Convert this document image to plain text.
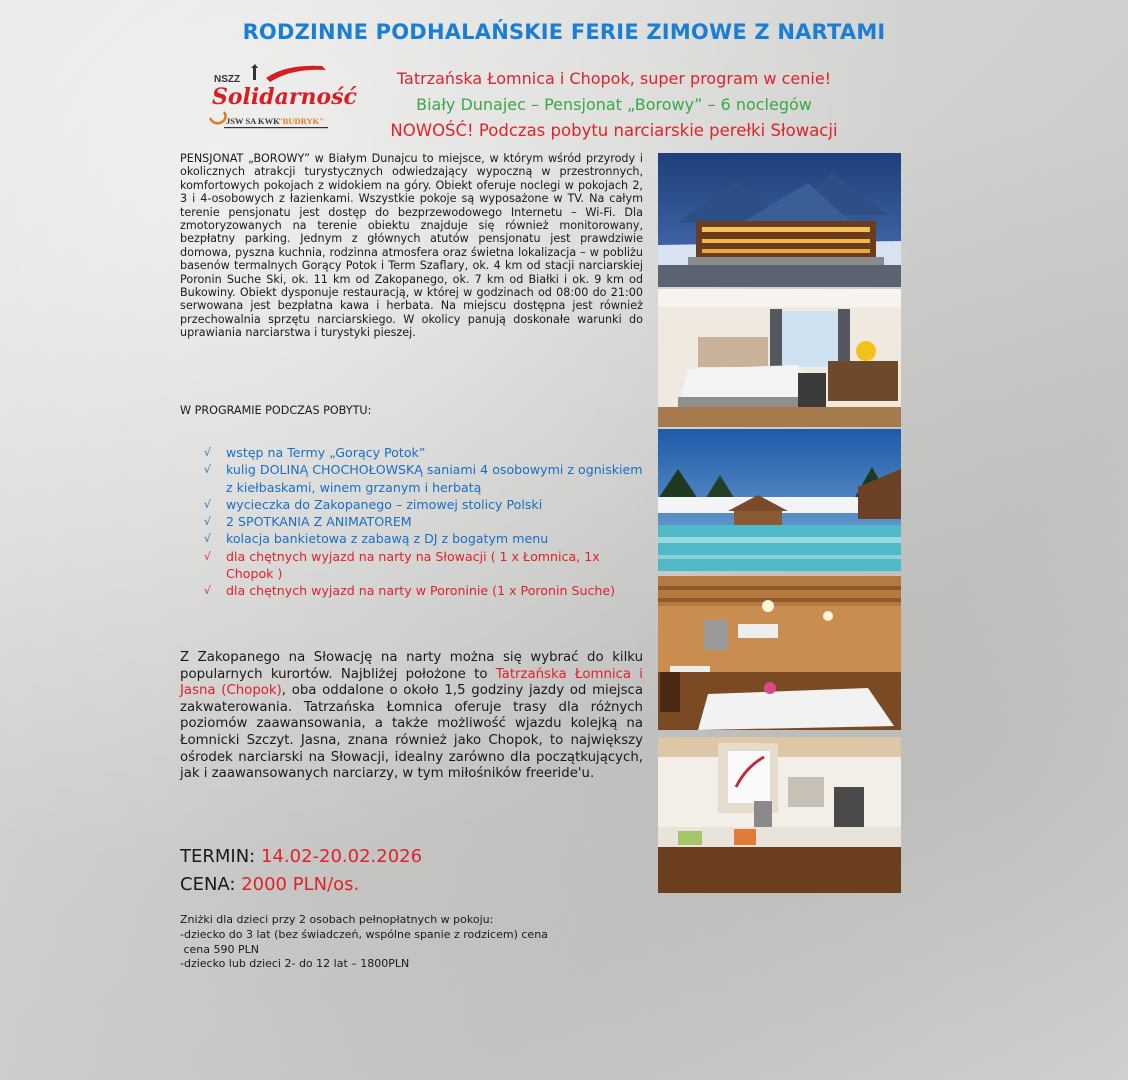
RODZINNE PODHALAŃSKIE FERIE ZIMOWE Z NARTAMI
NSZZ
Solidarność
JSW SA KWK
"BUDRYK"
Tatrzańska Łomnica i Chopok, super program w cenie!
Biały Dunajec – Pensjonat „Borowy” – 6 noclegów
NOWOŚĆ! Podczas pobytu narciarskie perełki Słowacji
PENSJONAT „BOROWY” w Białym Dunajcu to miejsce, w którym wśród przyrody i okolicznych atrakcji turystycznych odwiedzający wypoczną w przestronnych, komfortowych pokojach z widokiem na góry. Obiekt oferuje noclegi w pokojach 2, 3 i 4-osobowych z łazienkami. Wszystkie pokoje są wyposażone w TV. Na całym terenie pensjonatu jest dostęp do bezprzewodowego Internetu – Wi-Fi. Dla zmotoryzowanych na terenie obiektu znajduje się również monitorowany, bezpłatny parking. Jednym z głównych atutów pensjonatu jest prawdziwie domowa, pyszna kuchnia, rodzinna atmosfera oraz świetna lokalizacja – w pobliżu basenów termalnych Gorący Potok i Term Szaflary, ok. 4 km od stacji narciarskiej Poronin Suche Ski, ok. 11 km od Zakopanego, ok. 7 km od Białki i ok. 9 km od Bukowiny. Obiekt dysponuje restauracją, w której w godzinach od 08:00 do 21:00 serwowana jest bezpłatna kawa i herbata. Na miejscu dostępna jest również przechowalnia sprzętu narciarskiego. W okolicy panują doskonałe warunki do uprawiania narciarstwa i turystyki pieszej.
W PROGRAMIE PODCZAS POBYTU:
√ wstęp na Termy „Gorący Potok”
√ kulig DOLINĄ CHOCHOŁOWSKĄ saniami 4 osobowymi z ogniskiem z kiełbaskami, winem grzanym i herbatą
√ wycieczka do Zakopanego – zimowej stolicy Polski
√ 2 SPOTKANIA Z ANIMATOREM
√ kolacja bankietowa z zabawą z DJ z bogatym menu
√ dla chętnych wyjazd na narty na Słowacji ( 1 x Łomnica, 1x Chopok )
√ dla chętnych wyjazd na narty w Poroninie (1 x Poronin Suche)
Z Zakopanego na Słowację na narty można się wybrać do kilku popularnych kurortów. Najbliżej położone to Tatrzańska Łomnica i Jasna (Chopok), oba oddalone o około 1,5 godziny jazdy od miejsca zakwaterowania. Tatrzańska Łomnica oferuje trasy dla różnych poziomów zaawansowania, a także możliwość wjazdu kolejką na Łomnicki Szczyt. Jasna, znana również jako Chopok, to największy ośrodek narciarski na Słowacji, idealny zarówno dla początkujących, jak i zaawansowanych narciarzy, w tym miłośników freeride'u.
TERMIN: 14.02-20.02.2026
CENA: 2000 PLN/os.
Zniżki dla dzieci przy 2 osobach pełnopłatnych w pokoju:
-dziecko do 3 lat (bez świadczeń, wspólne spanie z rodzicem) cena
cena 590 PLN
-dziecko lub dzieci 2- do 12 lat – 1800PLN
